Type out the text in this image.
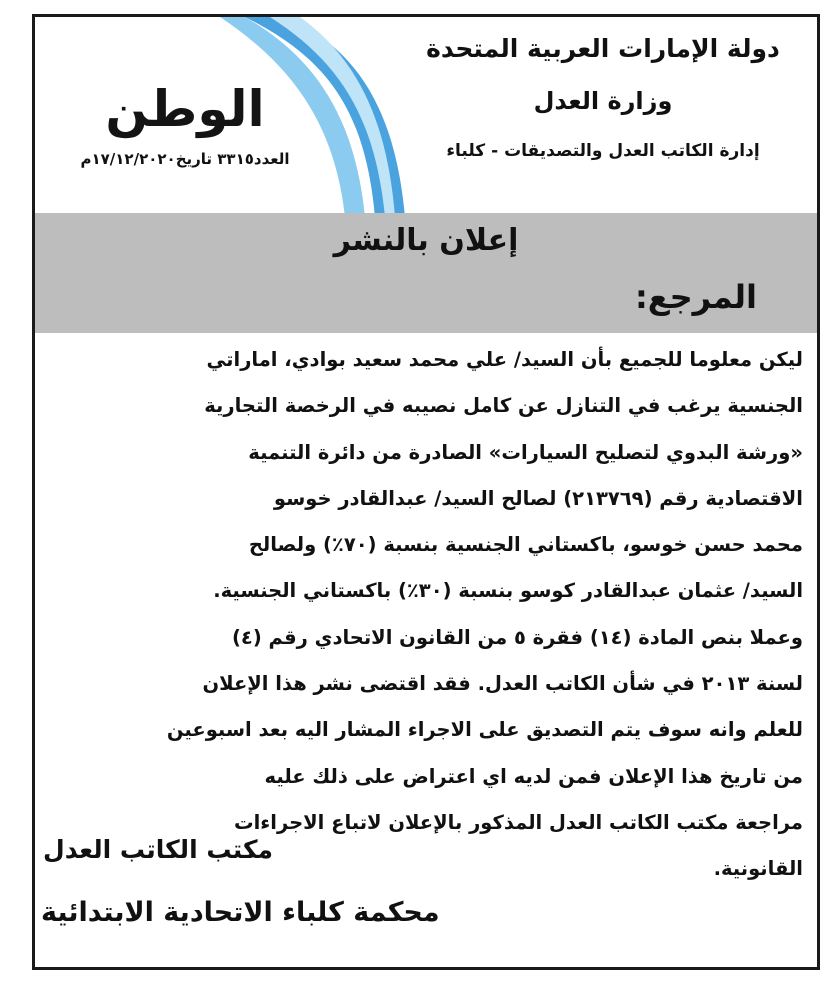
دولة الإمارات العربية المتحدة
وزارة العدل
إدارة الكاتب العدل والتصديقات - كلباء
الوطن
العدد٣٣١٥ تاريخ١٧/١٢/٢٠٢٠م
إعلان بالنشر
المرجع:
ليكن معلوما للجميع بأن السيد/ علي محمد سعيد بوادي، اماراتي
الجنسية يرغب في التنازل عن كامل نصيبه في الرخصة التجارية
«ورشة البدوي لتصليح السيارات» الصادرة من دائرة التنمية
الاقتصادية رقم (٢١٣٧٦٩) لصالح السيد/ عبدالقادر خوسو
محمد حسن خوسو، باكستاني الجنسية بنسبة (٧٠٪) ولصالح
السيد/ عثمان عبدالقادر كوسو بنسبة (٣٠٪) باكستاني الجنسية.
وعملا بنص المادة (١٤) فقرة ٥ من القانون الاتحادي رقم (٤)
لسنة ٢٠١٣ في شأن الكاتب العدل. فقد اقتضى نشر هذا الإعلان
للعلم وانه سوف يتم التصديق على الاجراء المشار اليه بعد اسبوعين
من تاريخ هذا الإعلان فمن لديه اي اعتراض على ذلك عليه
مراجعة مكتب الكاتب العدل المذكور بالإعلان لاتباع الاجراءات
القانونية.
مكتب الكاتب العدل
محكمة كلباء الاتحادية الابتدائية
